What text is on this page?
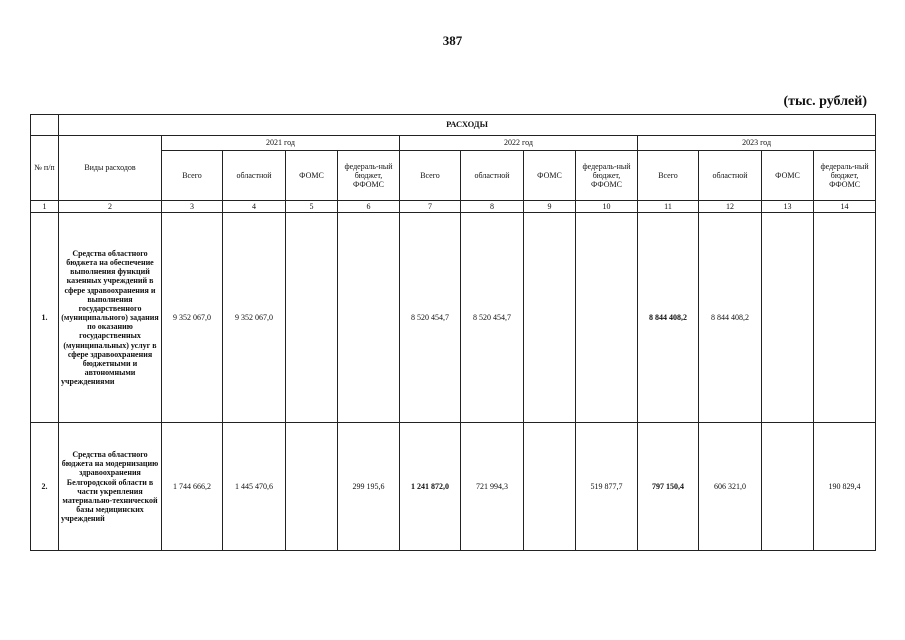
387
(тыс. рублей)
	РАСХОДЫ												
№ п/п	Виды расходов	2021 год				2022 год				2023 год			
		Всего	областной	ФОМС	федераль-ный бюджет, ФФОМС	Всего	областной	ФОМС	федераль-ный бюджет, ФФОМС	Всего	областной	ФОМС	федераль-ный бюджет, ФФОМС
1	2	3	4	5	6	7	8	9	10	11	12	13	14
1.	Средства областного бюджета на обеспечение выполнения функций казенных учреждений в сфере здравоохранения и выполнения государственного (муниципального) задания по оказанию государственных (муниципальных) услуг в сфере здравоохранения бюджетными и автономными учреждениями	9 352 067,0	9 352 067,0			8 520 454,7	8 520 454,7			8 844 408,2	8 844 408,2		
2.	Средства областного бюджета на модернизацию здравоохранения Белгородской области в части укрепления материально-технической базы медицинских учреждений	1 744 666,2	1 445 470,6		299 195,6	1 241 872,0	721 994,3		519 877,7	797 150,4	606 321,0		190 829,4
